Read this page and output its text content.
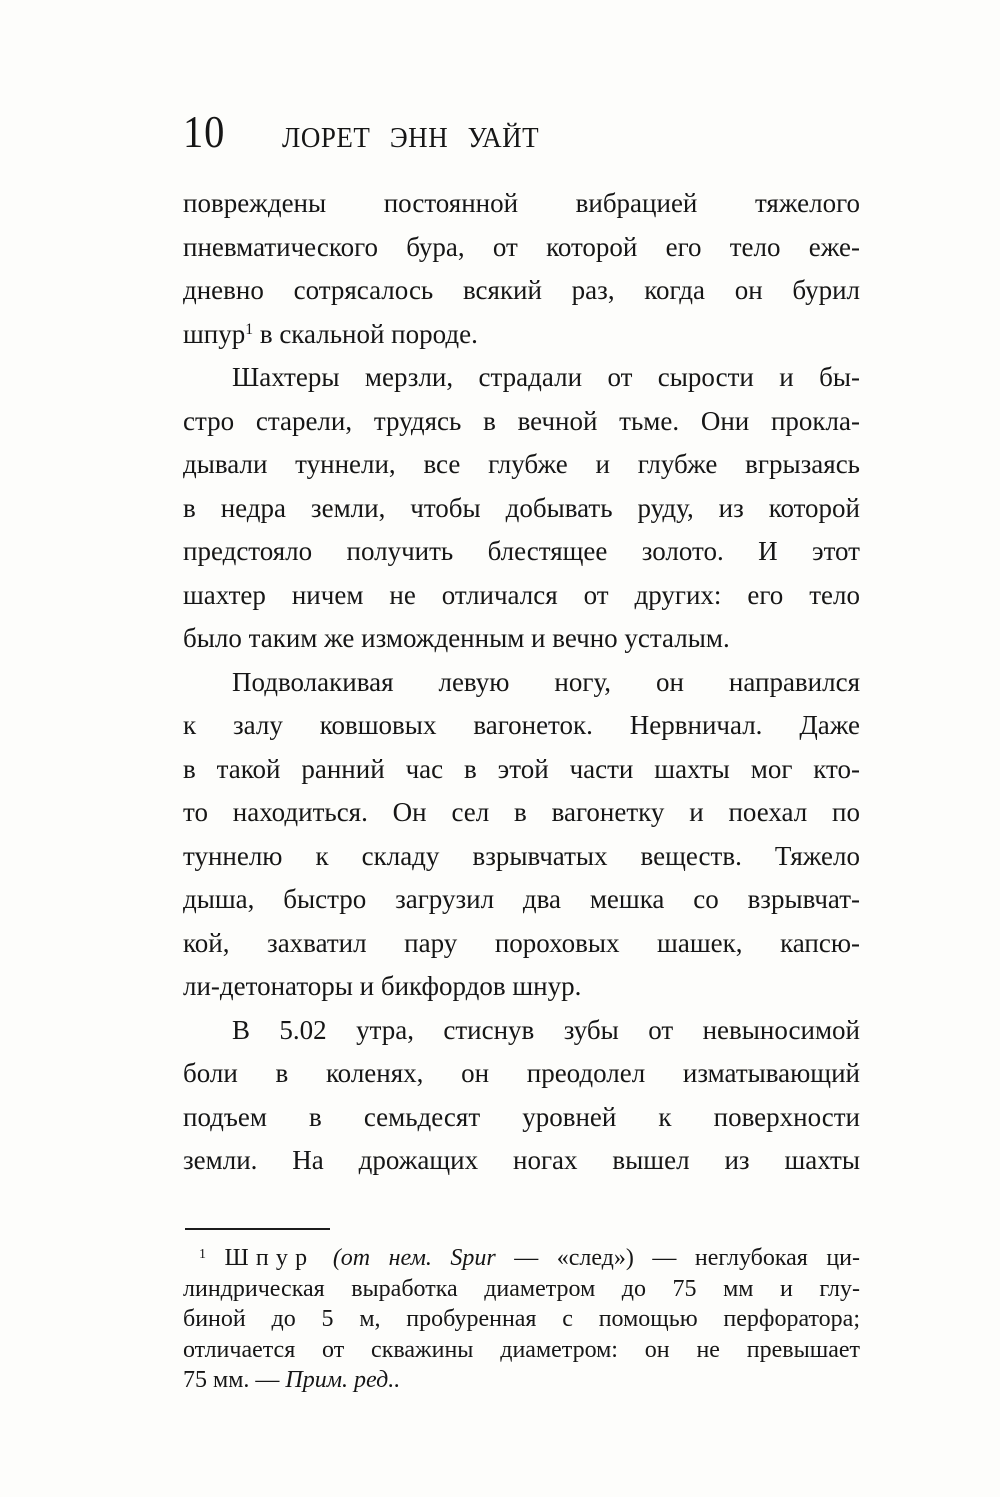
10 ЛОРЕТ ЭНН УАЙТ
повреждены постоянной вибрацией тяжелого
пневматического бура, от которой его тело еже-
дневно сотрясалось всякий раз, когда он бурил
шпур$^1$ в скальной породе.
Шахтеры мерзли, страдали от сырости и бы-
стро старели, трудясь в вечной тьме. Они прокла-
дывали туннели, все глубже и глубже вгрызаясь
в недра земли, чтобы добывать руду, из которой
предстояло получить блестящее золото. И этот
шахтер ничем не отличался от других: его тело
было таким же изможденным и вечно усталым.
Подволакивая левую ногу, он направился
к залу ковшовых вагонеток. Нервничал. Даже
в такой ранний час в этой части шахты мог кто-
то находиться. Он сел в вагонетку и поехал по
туннелю к складу взрывчатых веществ. Тяжело
дыша, быстро загрузил два мешка со взрывчат-
кой, захватил пару пороховых шашек, капсю-
ли-детонаторы и бикфордов шнур.
В 5.02 утра, стиснув зубы от невыносимой
боли в коленях, он преодолел изматывающий
подъем в семьдесят уровней к поверхности
земли. На дрожащих ногах вышел из шахты
$^1$ Шпур (от нем. Spur — «след») — неглубокая ци-
линдрическая выработка диаметром до 75 мм и глу-
биной до 5 м, пробуренная с помощью перфоратора;
отличается от скважины диаметром: он не превышает
75 мм. — Прим. ред..
